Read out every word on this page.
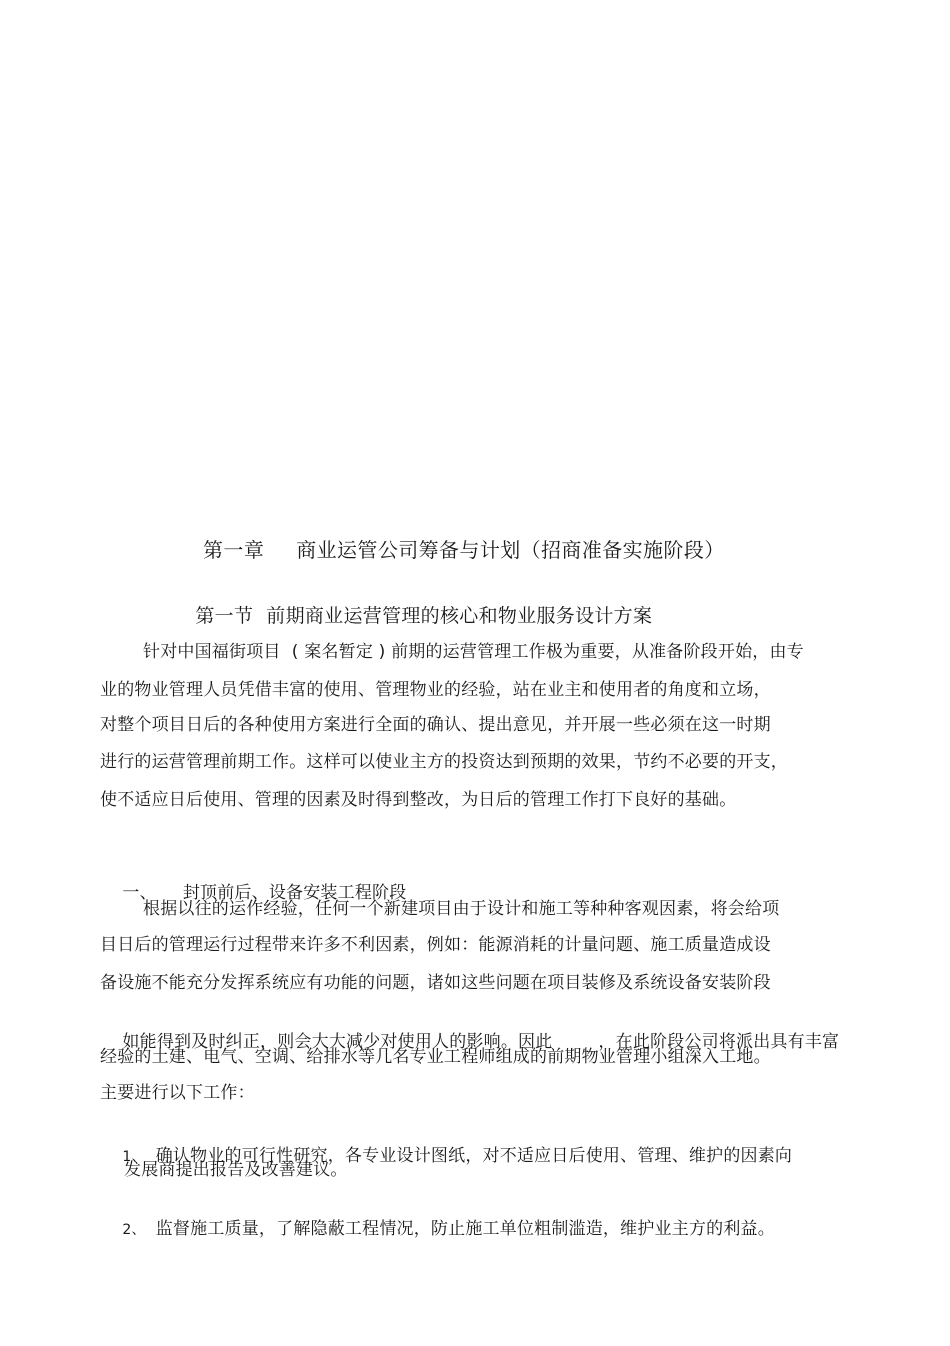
第一章 商业运管公司筹备与计划（招商准备实施阶段）

第一节 前期商业运营管理的核心和物业服务设计方案

针对中国福街项目  ( 案名暂定 ) 前期的运营管理工作极为重要，从准备阶段开始，由专
业的物业管理人员凭借丰富的使用、管理物业的经验，站在业主和使用者的角度和立场，
对整个项目日后的各种使用方案进行全面的确认、提出意见，并开展一些必须在这一时期
进行的运营管理前期工作。这样可以使业主方的投资达到预期的效果，节约不必要的开支，
使不适应日后使用、管理的因素及时得到整改，为日后的管理工作打下良好的基础。

一、 封顶前后、设备安装工程阶段

根据以往的运作经验，任何一个新建项目由于设计和施工等种种客观因素，将会给项
目日后的管理运行过程带来许多不利因素，例如：能源消耗的计量问题、施工质量造成设
备设施不能充分发挥系统应有功能的问题，诸如这些问题在项目装修及系统设备安装阶段

如能得到及时纠正，则会大大减少对使用人的影响。因此	，在此阶段公司将派出具有丰富

经验的土建、电气、空调、给排水等几名专业工程师组成的前期物业管理小组深入工地。
主要进行以下工作：

1、 确认物业的可行性研究，各专业设计图纸，对不适应日后使用、管理、维护的因素向

发展商提出报告及改善建议。

2、 监督施工质量，了解隐蔽工程情况，防止施工单位粗制滥造，维护业主方的利益。
